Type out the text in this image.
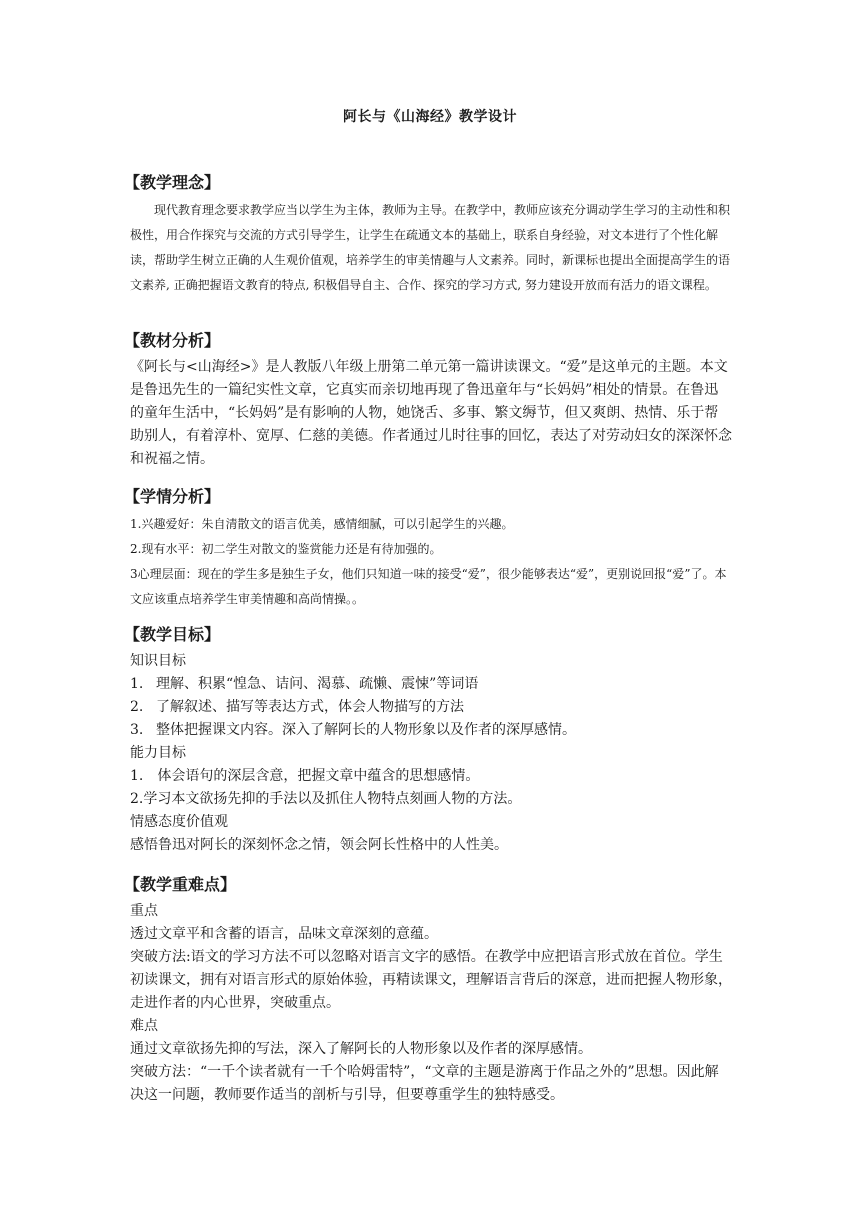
阿长与《山海经》教学设计
【教学理念】

现代教育理念要求教学应当以学生为主体，教师为主导。在教学中，教师应该充分调动学生学习的主动性和积极性，用合作探究与交流的方式引导学生，让学生在疏通文本的基础上，联系自身经验，对文本进行了个性化解读，帮助学生树立正确的人生观价值观，培养学生的审美情趣与人文素养。同时，新课标也提出全面提高学生的语文素养, 正确把握语文教育的特点, 积极倡导自主、合作、探究的学习方式, 努力建设开放而有活力的语文课程。

【教材分析】

《阿长与<山海经>》是人教版八年级上册第二单元第一篇讲读课文。“爱”是这单元的主题。本文是鲁迅先生的一篇纪实性文章，它真实而亲切地再现了鲁迅童年与“长妈妈”相处的情景。在鲁迅的童年生活中，“长妈妈”是有影响的人物，她饶舌、多事、繁文缛节，但又爽朗、热情、乐于帮助别人，有着淳朴、宽厚、仁慈的美德。作者通过儿时往事的回忆，表达了对劳动妇女的深深怀念和祝福之情。

【学情分析】

1.兴趣爱好：朱自清散文的语言优美，感情细腻，可以引起学生的兴趣。

2.现有水平：初二学生对散文的鉴赏能力还是有待加强的。

3心理层面：现在的学生多是独生子女，他们只知道一味的接受“爱”，很少能够表达“爱”，更别说回报“爱”了。本文应该重点培养学生审美情趣和高尚情操。。

【教学目标】

知识目标

1. 理解、积累“惶急、诘问、渴慕、疏懒、震悚”等词语

2. 了解叙述、描写等表达方式，体会人物描写的方法

3. 整体把握课文内容。深入了解阿长的人物形象以及作者的深厚感情。

能力目标

1.　体会语句的深层含意，把握文章中蕴含的思想感情。

2.学习本文欲扬先抑的手法以及抓住人物特点刻画人物的方法。

情感态度价值观

感悟鲁迅对阿长的深刻怀念之情，领会阿长性格中的人性美。

【教学重难点】

重点

透过文章平和含蓄的语言，品味文章深刻的意蕴。

突破方法:语文的学习方法不可以忽略对语言文字的感悟。在教学中应把语言形式放在首位。学生初读课文，拥有对语言形式的原始体验，再精读课文，理解语言背后的深意，进而把握人物形象，走进作者的内心世界，突破重点。

难点

通过文章欲扬先抑的写法，深入了解阿长的人物形象以及作者的深厚感情。

突破方法：“一千个读者就有一千个哈姆雷特”，“文章的主题是游离于作品之外的”思想。因此解决这一问题，教师要作适当的剖析与引导，但要尊重学生的独特感受。
